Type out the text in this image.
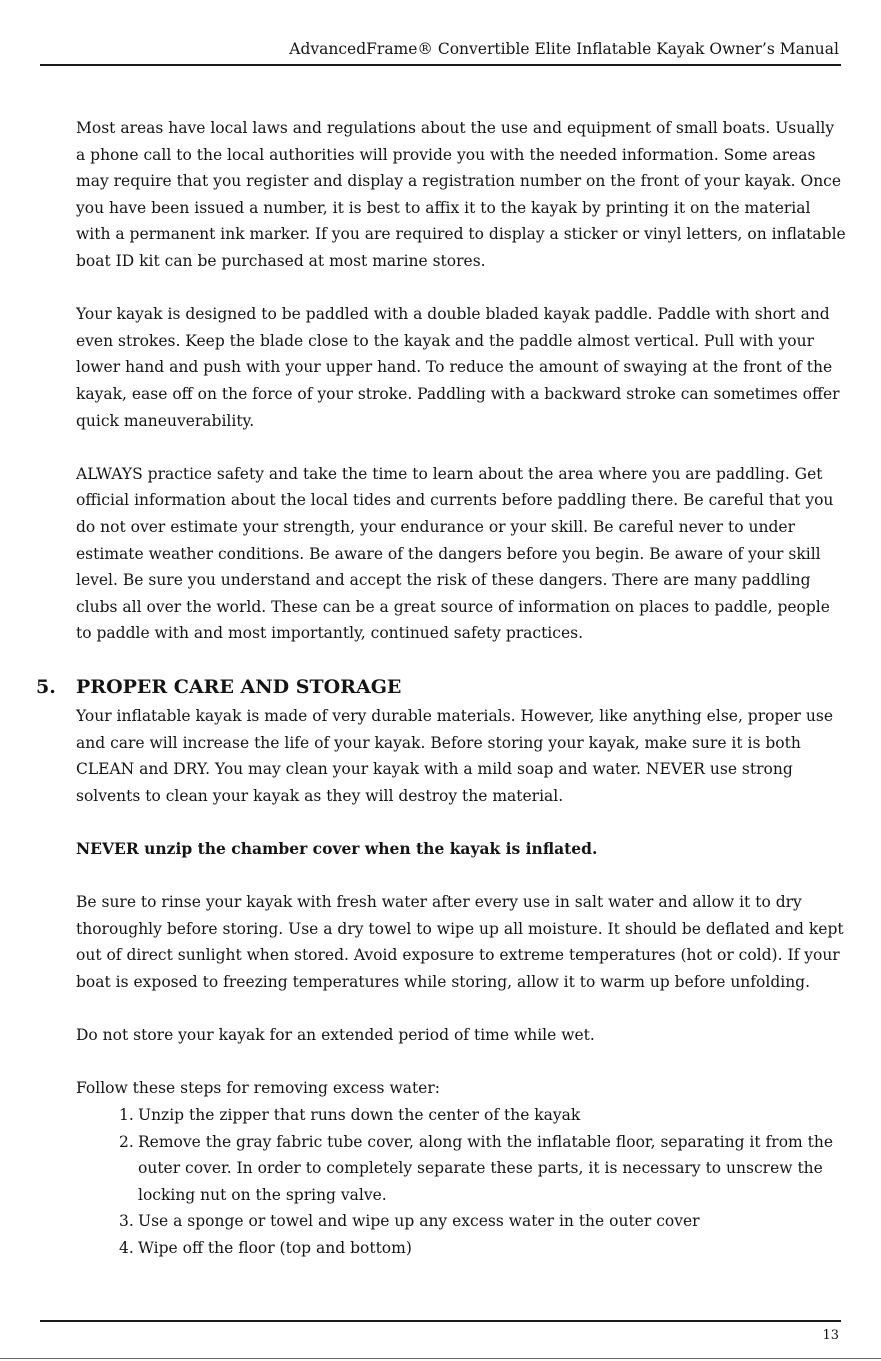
AdvancedFrame® Convertible Elite Inflatable Kayak Owner’s Manual

Most areas have local laws and regulations about the use and equipment of small boats. Usually a phone call to the local authorities will provide you with the needed information. Some areas may require that you register and display a registration number on the front of your kayak. Once you have been issued a number, it is best to affix it to the kayak by printing it on the material with a permanent ink marker. If you are required to display a sticker or vinyl letters, on inflatable boat ID kit can be purchased at most marine stores.

Your kayak is designed to be paddled with a double bladed kayak paddle. Paddle with short and even strokes. Keep the blade close to the kayak and the paddle almost vertical. Pull with your lower hand and push with your upper hand. To reduce the amount of swaying at the front of the kayak, ease off on the force of your stroke. Paddling with a backward stroke can sometimes offer quick maneuverability.

ALWAYS practice safety and take the time to learn about the area where you are paddling. Get official information about the local tides and currents before paddling there. Be careful that you do not over estimate your strength, your endurance or your skill. Be careful never to under estimate weather conditions. Be aware of the dangers before you begin. Be aware of your skill level. Be sure you understand and accept the risk of these dangers. There are many paddling clubs all over the world. These can be a great source of information on places to paddle, people to paddle with and most importantly, continued safety practices.

5. PROPER CARE AND STORAGE

Your inflatable kayak is made of very durable materials. However, like anything else, proper use and care will increase the life of your kayak. Before storing your kayak, make sure it is both CLEAN and DRY. You may clean your kayak with a mild soap and water. NEVER use strong solvents to clean your kayak as they will destroy the material.

NEVER unzip the chamber cover when the kayak is inflated.

Be sure to rinse your kayak with fresh water after every use in salt water and allow it to dry thoroughly before storing. Use a dry towel to wipe up all moisture. It should be deflated and kept out of direct sunlight when stored. Avoid exposure to extreme temperatures (hot or cold). If your boat is exposed to freezing temperatures while storing, allow it to warm up before unfolding.

Do not store your kayak for an extended period of time while wet.

Follow these steps for removing excess water:

1. Unzip the zipper that runs down the center of the kayak
2. Remove the gray fabric tube cover, along with the inflatable floor, separating it from the outer cover. In order to completely separate these parts, it is necessary to unscrew the locking nut on the spring valve.
3. Use a sponge or towel and wipe up any excess water in the outer cover
4. Wipe off the floor (top and bottom)
13
